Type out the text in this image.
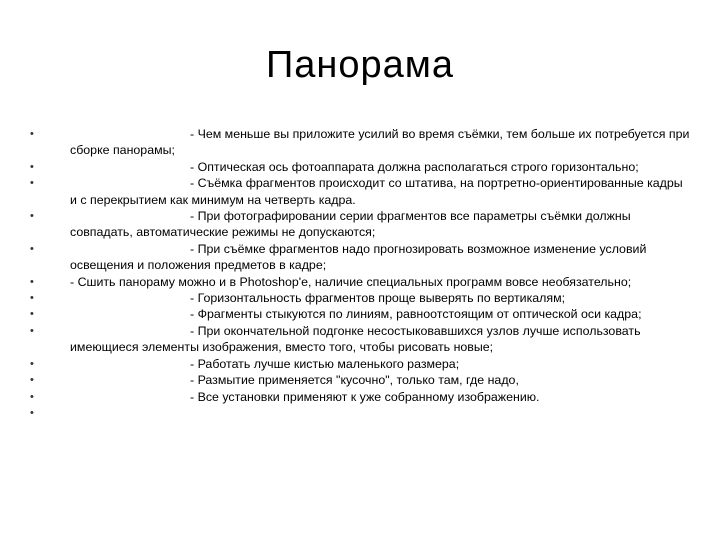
Панорама
•	- Чем меньше вы приложите усилий во время съёмки, тем больше их потребуется при сборке панорамы;
•	- Оптическая ось фотоаппарата должна располагаться строго горизонтально;
•	- Съёмка фрагментов происходит со штатива, на портретно-ориентированные кадры и с перекрытием как минимум на четверть кадра.
•	- При фотографировании серии фрагментов все параметры съёмки должны совпадать, автоматические режимы не допускаются;
•	- При съёмке фрагментов надо прогнозировать возможное изменение условий освещения и положения предметов в кадре;
•	- Сшить панораму можно и в Photoshop'е, наличие специальных программ вовсе необязательно;
•	- Горизонтальность фрагментов проще выверять по вертикалям;
•	- Фрагменты стыкуются по линиям, равноотстоящим от оптической оси кадра;
•	- При окончательной подгонке несостыковавшихся узлов лучше использовать имеющиеся элементы изображения, вместо того, чтобы рисовать новые;
•	- Работать лучше кистью маленького размера;
•	- Размытие применяется "кусочно", только там, где надо,
•	- Все установки применяют к уже собранному изображению.
•
